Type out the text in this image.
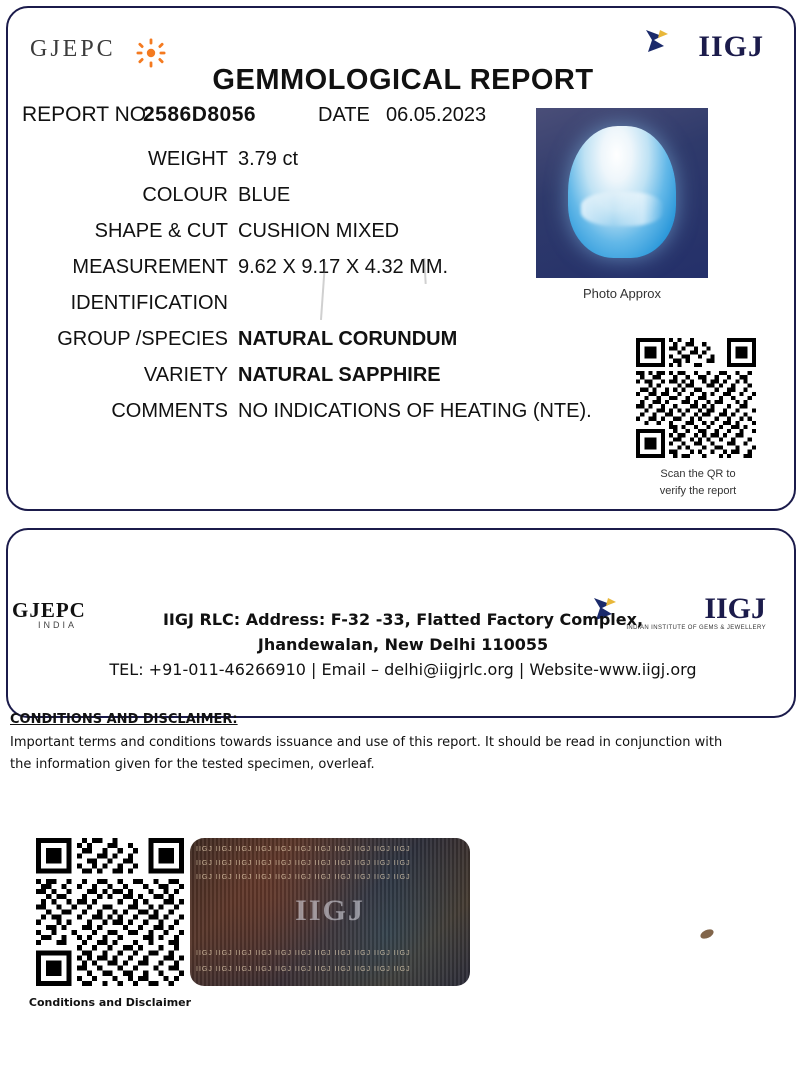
GJEPC	IIGJ
GEMMOLOGICAL REPORT
REPORT NO
2586D8056	DATE 06.05.2023
WEIGHT 3.79 ct
COLOUR BLUE
SHAPE & CUT CUSHION MIXED
MEASUREMENT 9.62 X 9.17 X 4.32 MM.
IDENTIFICATION
GROUP /SPECIES NATURAL CORUNDUM
VARIETY NATURAL SAPPHIRE
COMMENTS NO INDICATIONS OF HEATING (NTE).
Photo Approx
Scan the QR to
verify the report
GJEPC
INDIA	IIGJ
INDIAN INSTITUTE OF GEMS & JEWELLERY
IIGJ RLC: Address: F-32 -33, Flatted Factory Complex,
Jhandewalan, New Delhi 110055
TEL: +91-011-46266910 | Email – delhi@iigjrlc.org | Website-www.iigj.org
CONDITIONS AND DISCLAIMER:
Important terms and conditions towards issuance and use of this report. It should be read in conjunction with
the information given for the tested specimen, overleaf.
Conditions and Disclaimer
IIGJ IIGJ IIGJ IIGJ IIGJ IIGJ IIGJ IIGJ IIGJ IIGJ IIGJ
IIGJ IIGJ IIGJ IIGJ IIGJ IIGJ IIGJ IIGJ IIGJ IIGJ IIGJ
IIGJ IIGJ IIGJ IIGJ IIGJ IIGJ IIGJ IIGJ IIGJ IIGJ IIGJ
IIGJ
IIGJ IIGJ IIGJ IIGJ IIGJ IIGJ IIGJ IIGJ IIGJ IIGJ IIGJ
IIGJ IIGJ IIGJ IIGJ IIGJ IIGJ IIGJ IIGJ IIGJ IIGJ IIGJ
